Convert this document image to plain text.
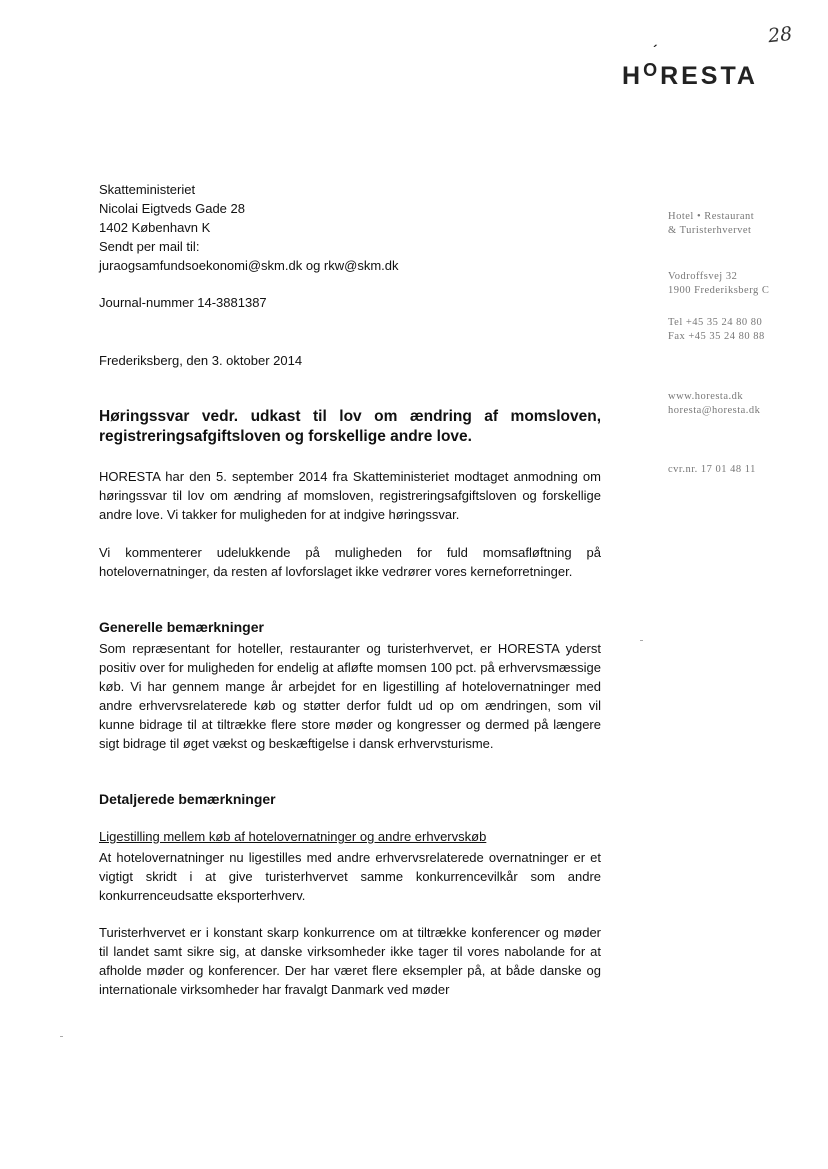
28
$H^O$
´
RESTA
Hotel • Restaurant
& Turisterhvervet
Vodroffsvej 32
1900 Frederiksberg C
Tel +45 35 24 80 80
Fax +45 35 24 80 88
www.horesta.dk
horesta@horesta.dk
cvr.nr. 17 01 48 11
Skatteministeriet
Nicolai Eigtveds Gade 28
1402 København K
Sendt per mail til:
juraogsamfundsoekonomi@skm.dk og rkw@skm.dk
Journal-nummer 14-3881387
Frederiksberg, den 3. oktober 2014
Høringssvar vedr. udkast til lov om ændring af momsloven, registreringsafgiftsloven og forskellige andre love.
HORESTA har den 5. september 2014 fra Skatteministeriet modtaget anmodning om høringssvar til lov om ændring af momsloven, registreringsafgiftsloven og forskellige andre love. Vi takker for muligheden for at indgive høringssvar.
Vi kommenterer udelukkende på muligheden for fuld momsafløftning på hotelovernatninger, da resten af lovforslaget ikke vedrører vores kerneforretninger.
Generelle bemærkninger
Som repræsentant for hoteller, restauranter og turisterhvervet, er HORESTA yderst positiv over for muligheden for endelig at afløfte momsen 100 pct. på erhvervsmæssige køb. Vi har gennem mange år arbejdet for en ligestilling af hotelovernatninger med andre erhvervsrelaterede køb og støtter derfor fuldt ud op om ændringen, som vil kunne bidrage til at tiltrække flere store møder og kongresser og dermed på længere sigt bidrage til øget vækst og beskæftigelse i dansk erhvervsturisme.
Detaljerede bemærkninger
Ligestilling mellem køb af hotelovernatninger og andre erhvervskøb
At hotelovernatninger nu ligestilles med andre erhvervsrelaterede overnatninger er et vigtigt skridt i at give turisterhvervet samme konkurrencevilkår som andre konkurrenceudsatte eksporterhverv.
Turisterhvervet er i konstant skarp konkurrence om at tiltrække konferencer og møder til landet samt sikre sig, at danske virksomheder ikke tager til vores nabolande for at afholde møder og konferencer. Der har været flere eksempler på, at både danske og internationale virksomheder har fravalgt Danmark ved møder
